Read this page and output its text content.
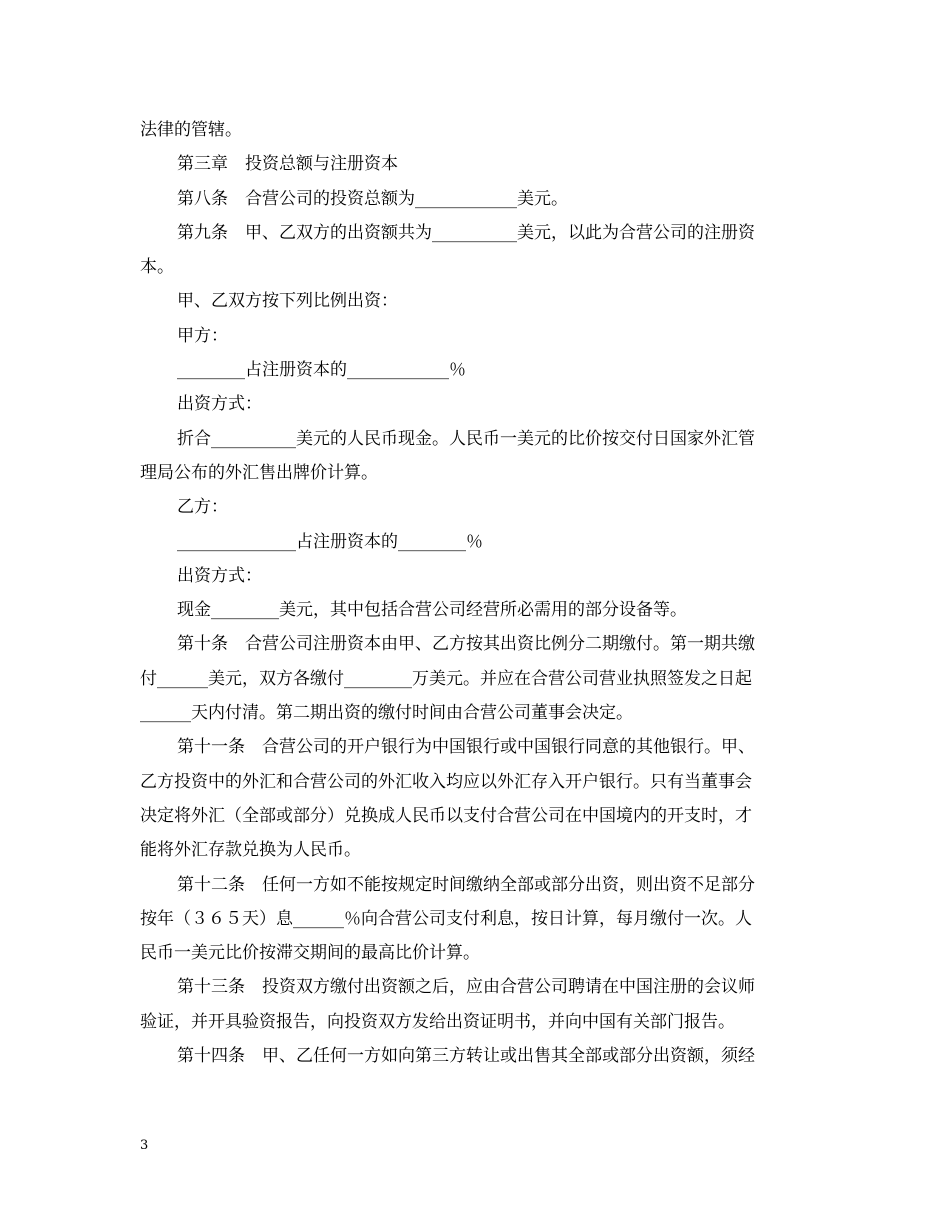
法律的管辖。

第三章　投资总额与注册资本

第八条　合营公司的投资总额为____________美元。

第九条　甲、乙双方的出资额共为__________美元，以此为合营公司的注册资

本。

甲、乙双方按下列比例出资：

甲方：

________占注册资本的____________％

出资方式：

折合__________美元的人民币现金。人民币一美元的比价按交付日国家外汇管

理局公布的外汇售出牌价计算。

乙方：

______________占注册资本的________％

出资方式：

现金________美元，其中包括合营公司经营所必需用的部分设备等。

第十条　合营公司注册资本由甲、乙方按其出资比例分二期缴付。第一期共缴

付______美元，双方各缴付________万美元。并应在合营公司营业执照签发之日起

______天内付清。第二期出资的缴付时间由合营公司董事会决定。

第十一条　合营公司的开户银行为中国银行或中国银行同意的其他银行。甲、

乙方投资中的外汇和合营公司的外汇收入均应以外汇存入开户银行。只有当董事会

决定将外汇（全部或部分）兑换成人民币以支付合营公司在中国境内的开支时，才

能将外汇存款兑换为人民币。

第十二条　任何一方如不能按规定时间缴纳全部或部分出资，则出资不足部分

按年（３６５天）息______％向合营公司支付利息，按日计算，每月缴付一次。人

民币一美元比价按滞交期间的最高比价计算。

第十三条　投资双方缴付出资额之后，应由合营公司聘请在中国注册的会议师

验证，并开具验资报告，向投资双方发给出资证明书，并向中国有关部门报告。

第十四条　甲、乙任何一方如向第三方转让或出售其全部或部分出资额，须经

3
